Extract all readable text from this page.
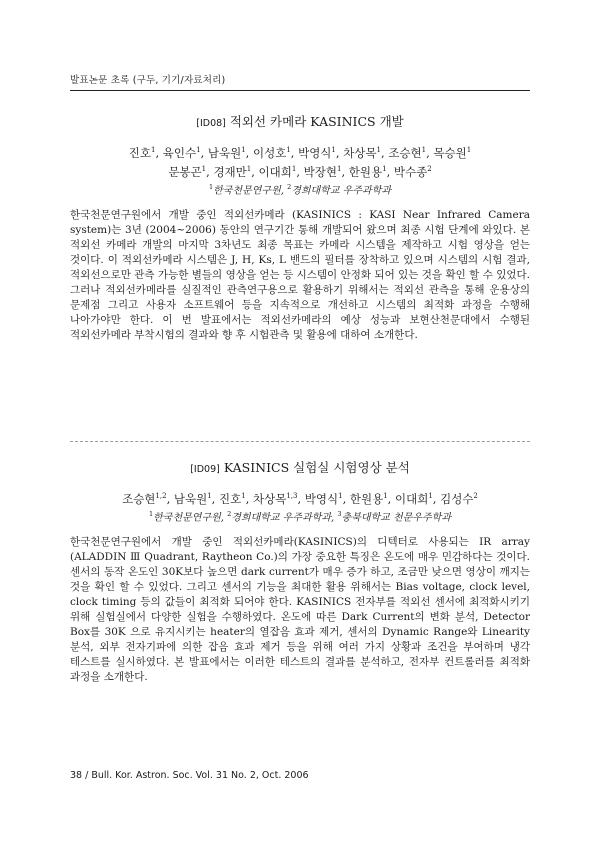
발표논문 초록 (구두, 기기/자료처리)
[ID08] 적외선 카메라 KASINICS 개발
진호$^1$, 육인수$^1$, 남욱원$^1$, 이성호$^1$, 박영식$^1$, 차상목$^1$, 조승현$^1$, 목승원$^1$
문봉곤$^1$, 경재만$^1$, 이대희$^1$, 박장현$^1$, 한원용$^1$, 박수종$^2$
$^1$한국천문연구원, $^2$경희대학교 우주과학과
한국천문연구원에서 개발 중인 적외선카메라 (KASINICS : KASI Near Infrared Camera system)는 3년 (2004~2006) 동안의 연구기간 통해 개발되어 왔으며 최종 시험 단계에 와있다. 본 적외선 카메라 개발의 마지막 3차년도 최종 목표는 카메라 시스템을 제작하고 시험 영상을 얻는 것이다. 이 적외선카메라 시스템은 J, H, Ks, L 밴드의 필터를 장착하고 있으며 시스템의 시험 결과, 적외선으로만 관측 가능한 별들의 영상을 얻는 등 시스템이 안정화 되어 있는 것을 확인 할 수 있었다. 그러나 적외선카메라를 실질적인 관측연구용으로 활용하기 위해서는 적외선 관측을 통해 운용상의 문제점 그리고 사용자 소프트웨어 등을 지속적으로 개선하고 시스템의 최적화 과정을 수행해 나아가야만 한다. 이 번 발표에서는 적외선카메라의 예상 성능과 보현산천문대에서 수행된 적외선카메라 부착시험의 결과와 향 후 시험관측 및 활용에 대하여 소개한다.
[ID09] KASINICS 실험실 시험영상 분석
조승현$^{1,2}$, 남욱원$^1$, 진호$^1$, 차상목$^{1,3}$, 박영식$^1$, 한원용$^1$, 이대희$^1$, 김성수$^2$
$^1$한국천문연구원, $^2$경희대학교 우주과학과, $^3$충북대학교 천문우주학과
한국천문연구원에서 개발 중인 적외선카메라(KASINICS)의 디텍터로 사용되는 IR array (ALADDIN Ⅲ Quadrant, Raytheon Co.)의 가장 중요한 특징은 온도에 매우 민감하다는 것이다. 센서의 동작 온도인 30K보다 높으면 dark current가 매우 증가 하고, 조금만 낮으면 영상이 깨지는 것을 확인 할 수 있었다. 그리고 센서의 기능을 최대한 활용 위해서는 Bias voltage, clock level, clock timing 등의 값들이 최적화 되어야 한다. KASINICS 전자부를 적외선 센서에 최적화시키기 위해 실험실에서 다양한 실험을 수행하였다. 온도에 따른 Dark Current의 변화 분석, Detector Box를 30K 으로 유지시키는 heater의 열잡음 효과 제거, 센서의 Dynamic Range와 Linearity 분석, 외부 전자기파에 의한 잡음 효과 제거 등을 위해 여러 가지 상황과 조건을 부여하며 냉각 테스트를 실시하였다. 본 발표에서는 이러한 테스트의 결과를 분석하고, 전자부 컨트롤러를 최적화 과정을 소개한다.
38 / Bull. Kor. Astron. Soc. Vol. 31 No. 2, Oct. 2006
